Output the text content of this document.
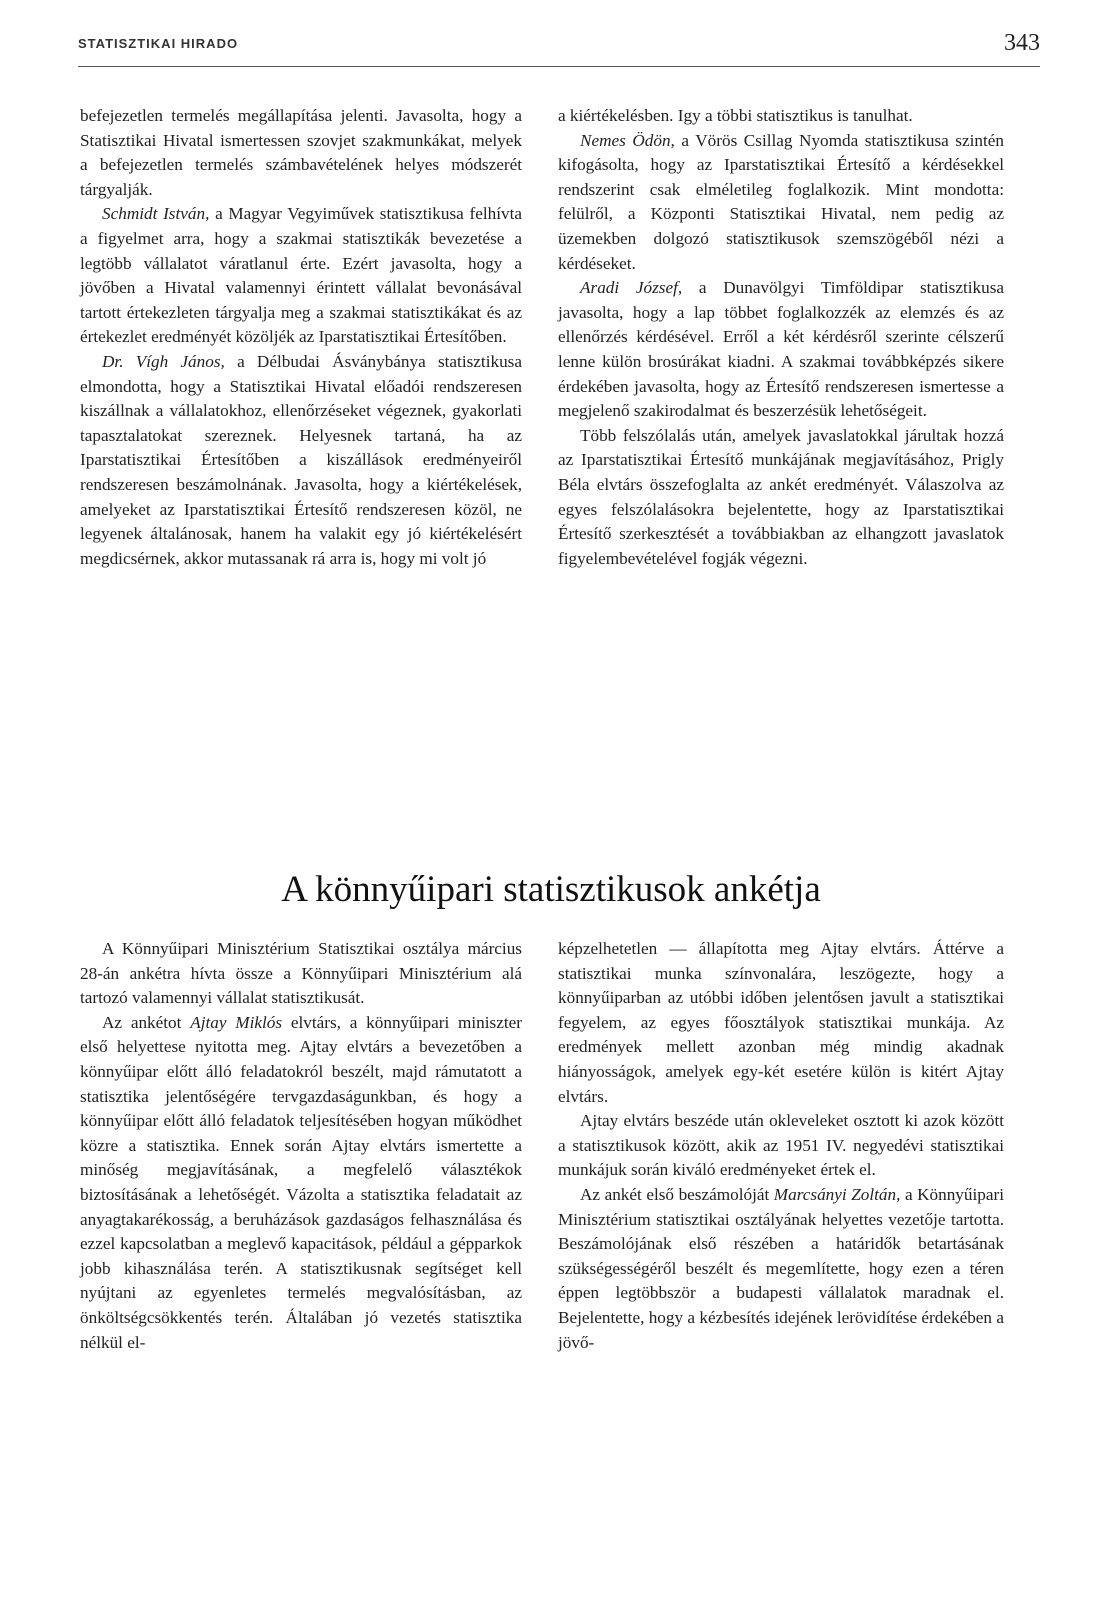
STATISZTIKAI HIRADO	343

befejezetlen termelés megállapítása jelenti. Javasolta, hogy a Statisztikai Hivatal ismertessen szovjet szakmunkákat, melyek a befejezetlen termelés számbavételének helyes módszerét tárgyalják.

Schmidt István, a Magyar Vegyiművek statisztikusa felhívta a figyelmet arra, hogy a szakmai statisztikák bevezetése a legtöbb vállalatot váratlanul érte. Ezért javasolta, hogy a jövőben a Hivatal valamennyi érintett vállalat bevonásával tartott értekezleten tárgyalja meg a szakmai statisztikákat és az értekezlet eredményét közöljék az Iparstatisztikai Értesítőben.

Dr. Vígh János, a Délbudai Ásványbánya statisztikusa elmondotta, hogy a Statisztikai Hivatal előadói rendszeresen kiszállnak a vállalatokhoz, ellenőrzéseket végeznek, gyakorlati tapasztalatokat szereznek. Helyesnek tartaná, ha az Iparstatisztikai Értesítőben a kiszállások eredményeiről rendszeresen beszámolnának. Javasolta, hogy a kiértékelések, amelyeket az Iparstatisztikai Értesítő rendszeresen közöl, ne legyenek általánosak, hanem ha valakit egy jó kiértékelésért megdicsérnek, akkor mutassanak rá arra is, hogy mi volt jó

a kiértékelésben. Igy a többi statisztikus is tanulhat.

Nemes Ödön, a Vörös Csillag Nyomda statisztikusa szintén kifogásolta, hogy az Iparstatisztikai Értesítő a kérdésekkel rendszerint csak elméletileg foglalkozik. Mint mondotta: felülről, a Központi Statisztikai Hivatal, nem pedig az üzemekben dolgozó statisztikusok szemszögéből nézi a kérdéseket.

Aradi József, a Dunavölgyi Timföldipar statisztikusa javasolta, hogy a lap többet foglalkozzék az elemzés és az ellenőrzés kérdésével. Erről a két kérdésről szerinte célszerű lenne külön brosúrákat kiadni. A szakmai továbbképzés sikere érdekében javasolta, hogy az Értesítő rendszeresen ismertesse a megjelenő szakirodalmat és beszerzésük lehetőségeit.

Több felszólalás után, amelyek javaslatokkal járultak hozzá az Iparstatisztikai Értesítő munkájának megjavításához, Prigly Béla elvtárs összefoglalta az ankét eredményét. Válaszolva az egyes felszólalásokra bejelentette, hogy az Iparstatisztikai Értesítő szerkesztését a továbbiakban az elhangzott javaslatok figyelembevételével fogják végezni.

A könnyűipari statisztikusok ankétja

A Könnyűipari Minisztérium Statisztikai osztálya március 28-án ankétra hívta össze a Könnyűipari Minisztérium alá tartozó valamennyi vállalat statisztikusát.

Az ankétot Ajtay Miklós elvtárs, a könnyűipari miniszter első helyettese nyitotta meg. Ajtay elvtárs a bevezetőben a könnyűipar előtt álló feladatokról beszélt, majd rámutatott a statisztika jelentőségére tervgazdaságunkban, és hogy a könnyűipar előtt álló feladatok teljesítésében hogyan működhet közre a statisztika. Ennek során Ajtay elvtárs ismertette a minőség megjavításának, a megfelelő választékok biztosításának a lehetőségét. Vázolta a statisztika feladatait az anyagtakarékosság, a beruházások gazdaságos felhasználása és ezzel kapcsolatban a meglevő kapacitások, például a gépparkok jobb kihasználása terén. A statisztikusnak segítséget kell nyújtani az egyenletes termelés megvalósításban, az önköltségcsökkentés terén. Általában jó vezetés statisztika nélkül el-

képzelhetetlen — állapította meg Ajtay elvtárs. Áttérve a statisztikai munka színvonalára, leszögezte, hogy a könnyűiparban az utóbbi időben jelentősen javult a statisztikai fegyelem, az egyes főosztályok statisztikai munkája. Az eredmények mellett azonban még mindig akadnak hiányosságok, amelyek egy-két esetére külön is kitért Ajtay elvtárs.

Ajtay elvtárs beszéde után okleveleket osztott ki azok között a statisztikusok között, akik az 1951 IV. negyedévi statisztikai munkájuk során kiváló eredményeket értek el.

Az ankét első beszámolóját Marcsányi Zoltán, a Könnyűipari Minisztérium statisztikai osztályának helyettes vezetője tartotta. Beszámolójának első részében a határidők betartásának szükségességéről beszélt és megemlítette, hogy ezen a téren éppen legtöbbször a budapesti vállalatok maradnak el. Bejelentette, hogy a kézbesítés idejének lerövidítése érdekében a jövő-
